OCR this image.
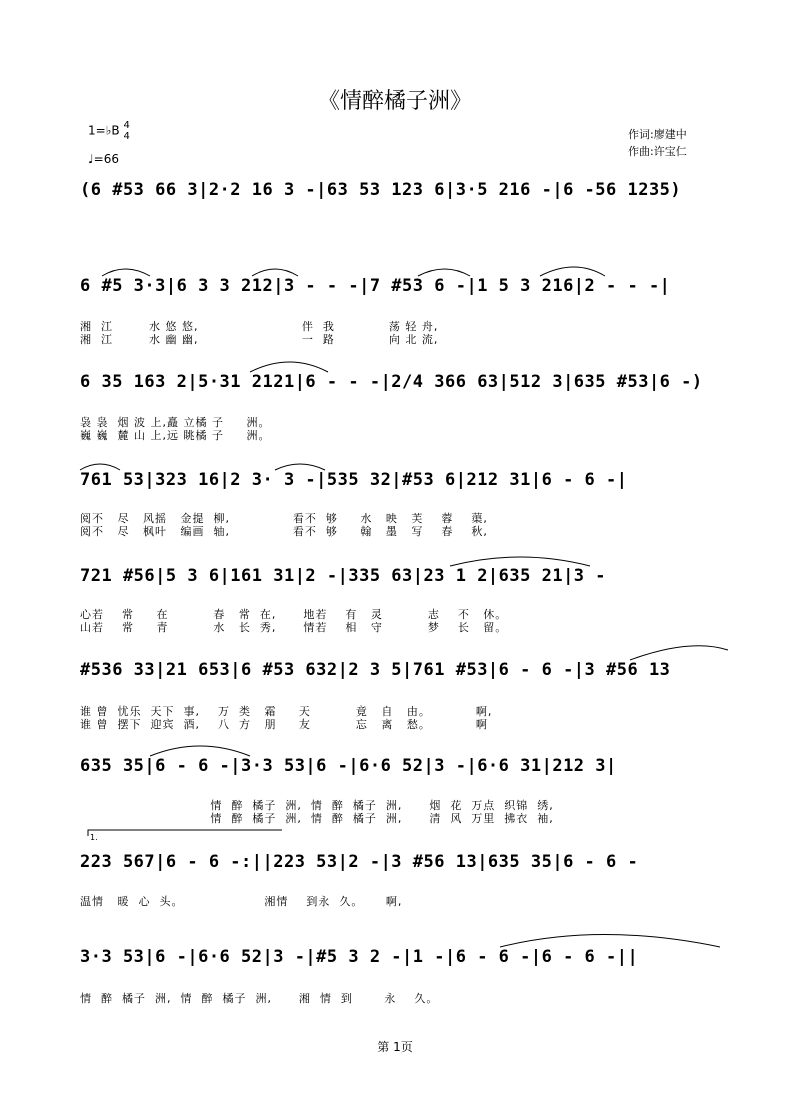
《情醉橘子洲》
1=♭B 4
4
♩=66
作词:廖建中
作曲:许宝仁
(6 #53 66 3|2·2 16 3 -|63 53 123 6|3·5 216 -|6 -56 1235)
6 #5 3·3|6 3 3 212|3 - - -|7 #53 6 -|1 5 3 216|2 - - -|
湘  江        水 悠 悠,                       伴  我            荡 轻 舟,
湘  江        水 幽 幽,                       一  路            向 北 流,
6 35 163 2|5·31 2121|6 - - -|2/4 366 63|512 3|635 #53|6 -)
袅 袅  烟 波 上,矗 立橘 子     洲。
巍 巍  麓 山 上,远 眺橘 子     洲。
761 53|323 16|2 3· 3 -|535 32|#53 6|212 31|6 - 6 -|
阅不   尽   风摇   金提  柳,              看不  够     水   映   芙    蓉    蕖,
阅不   尽   枫叶   编画  轴,              看不  够     翰   墨   写    春    秋,
721 #56|5 3 6|161 31|2 -|335 63|23 1 2|635 21|3 -
心若    常     在          春   常  在,      地若    有   灵          志    不   休。
山若    常     青          水   长  秀,      情若    相   守          梦    长   留。
#536 33|21 653|6 #53 632|2 3 5|761 #53|6 - 6 -|3 #56 13
谁 曾  忧乐  天下  事,    万  类   霜     天          竟   自   由。          啊,
谁 曾  摆下  迎宾  酒,    八  方   朋     友          忘   离   愁。          啊
635 35|6 - 6 -|3·3 53|6 -|6·6 52|3 -|6·6 31|212 3|
情  醉  橘子  洲,  情  醉  橘子  洲,      烟  花  万点  织锦  绣,
情  醉  橘子  洲,  情  醉  橘子  洲,      清  风  万里  拂衣  袖,
223 567|6 - 6 -:||223 53|2 -|3 #56 13|635 35|6 - 6 -
温情   暖  心  头。                  湘情    到永  久。     啊,
3·3 53|6 -|6·6 52|3 -|#5 3 2 -|1 -|6 - 6 -|6 - 6 -||
情  醉  橘子  洲,  情  醉  橘子  洲,      湘  情  到       永    久。
第 1页
1.
